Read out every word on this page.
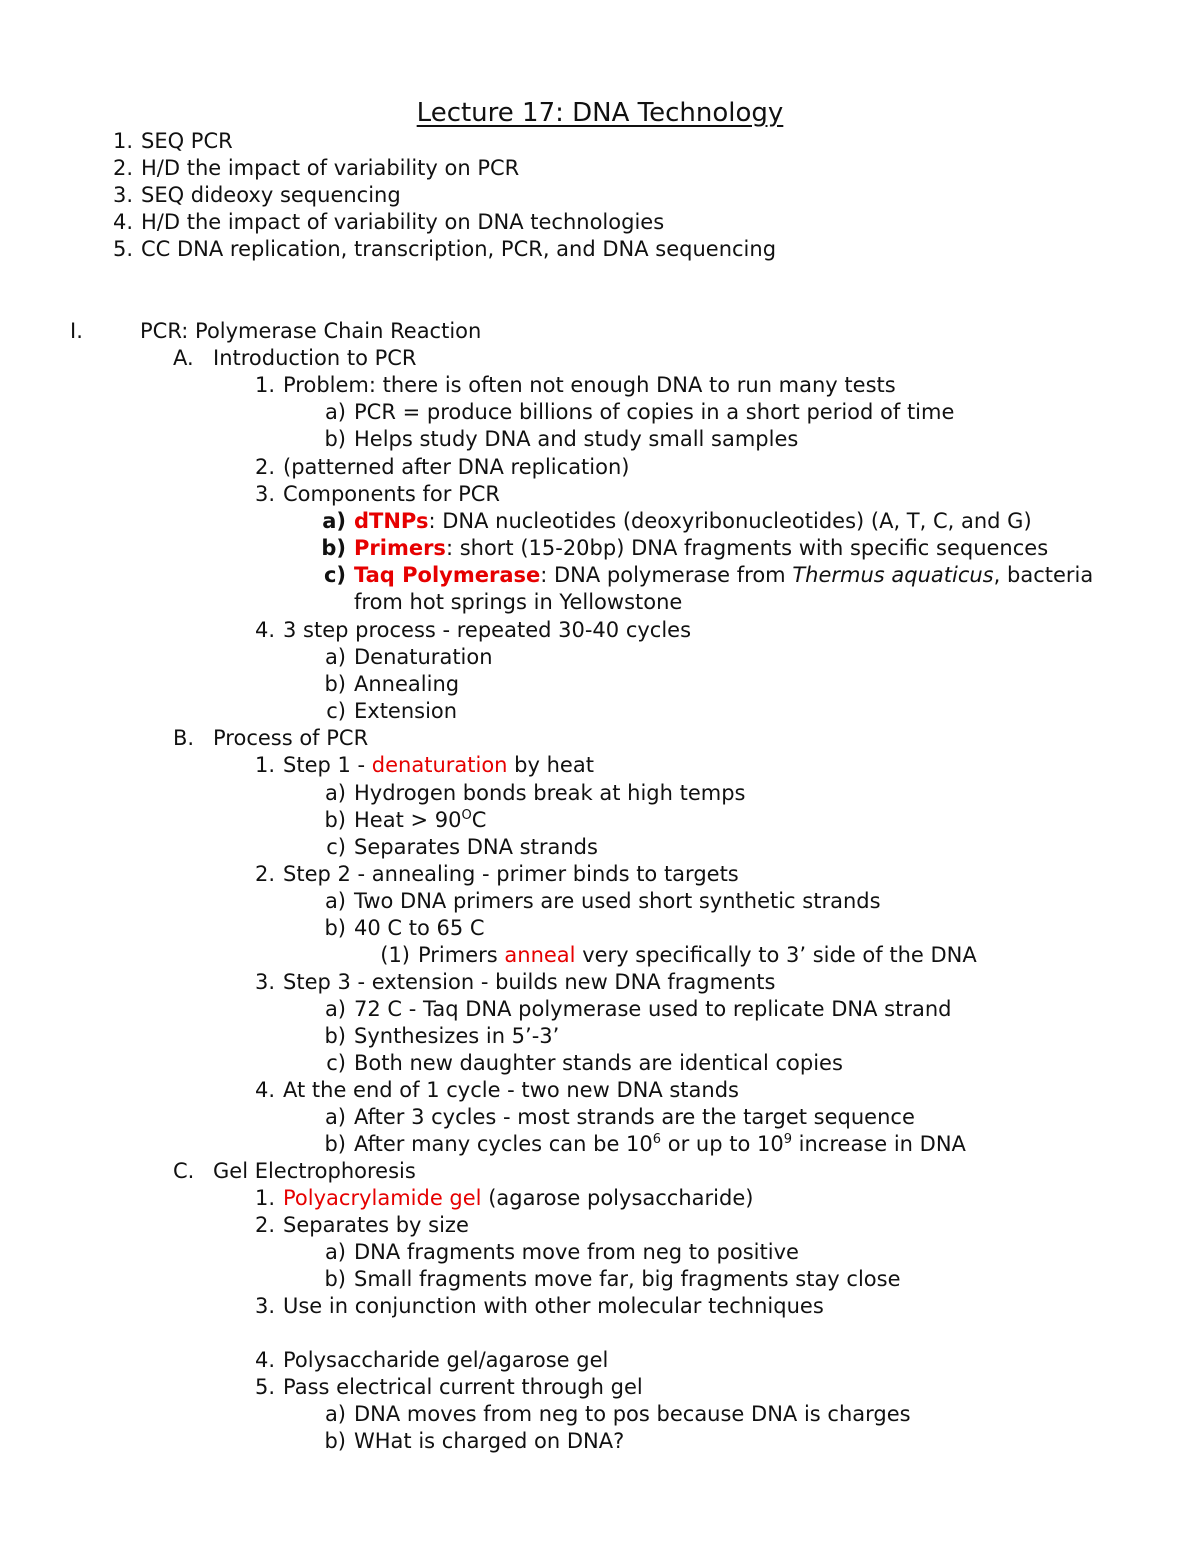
Lecture 17: DNA Technology
1. SEQ PCR
2. H/D the impact of variability on PCR
3. SEQ dideoxy sequencing
4. H/D the impact of variability on DNA technologies
5. CC DNA replication, transcription, PCR, and DNA sequencing
I.	PCR: Polymerase Chain Reaction
A. Introduction to PCR
1. Problem: there is often not enough DNA to run many tests
a) PCR = produce billions of copies in a short period of time
b) Helps study DNA and study small samples
2. (patterned after DNA replication)
3. Components for PCR
a) dTNPs: DNA nucleotides (deoxyribonucleotides) (A, T, C, and G)
b) Primers: short (15-20bp) DNA fragments with specific sequences
c) Taq Polymerase: DNA polymerase from Thermus aquaticus, bacteria
from hot springs in Yellowstone
4. 3 step process - repeated 30-40 cycles
a) Denaturation
b) Annealing
c) Extension
B. Process of PCR
1. Step 1 - denaturation by heat
a) Hydrogen bonds break at high temps
b) Heat > $90^OC$
c) Separates DNA strands
2. Step 2 - annealing - primer binds to targets
a) Two DNA primers are used short synthetic strands
b) 40 C to 65 C
(1) Primers anneal very specifically to 3’ side of the DNA
3. Step 3 - extension - builds new DNA fragments
a) 72 C - Taq DNA polymerase used to replicate DNA strand
b) Synthesizes in 5’-3’
c) Both new daughter stands are identical copies
4. At the end of 1 cycle - two new DNA stands
a) After 3 cycles - most strands are the target sequence
b) After many cycles can be $10^6$ or up to $10^9$ increase in DNA
C. Gel Electrophoresis
1. Polyacrylamide gel (agarose polysaccharide)
2. Separates by size
a) DNA fragments move from neg to positive
b) Small fragments move far, big fragments stay close
3. Use in conjunction with other molecular techniques
4. Polysaccharide gel/agarose gel
5. Pass electrical current through gel
a) DNA moves from neg to pos because DNA is charges
b) WHat is charged on DNA?
